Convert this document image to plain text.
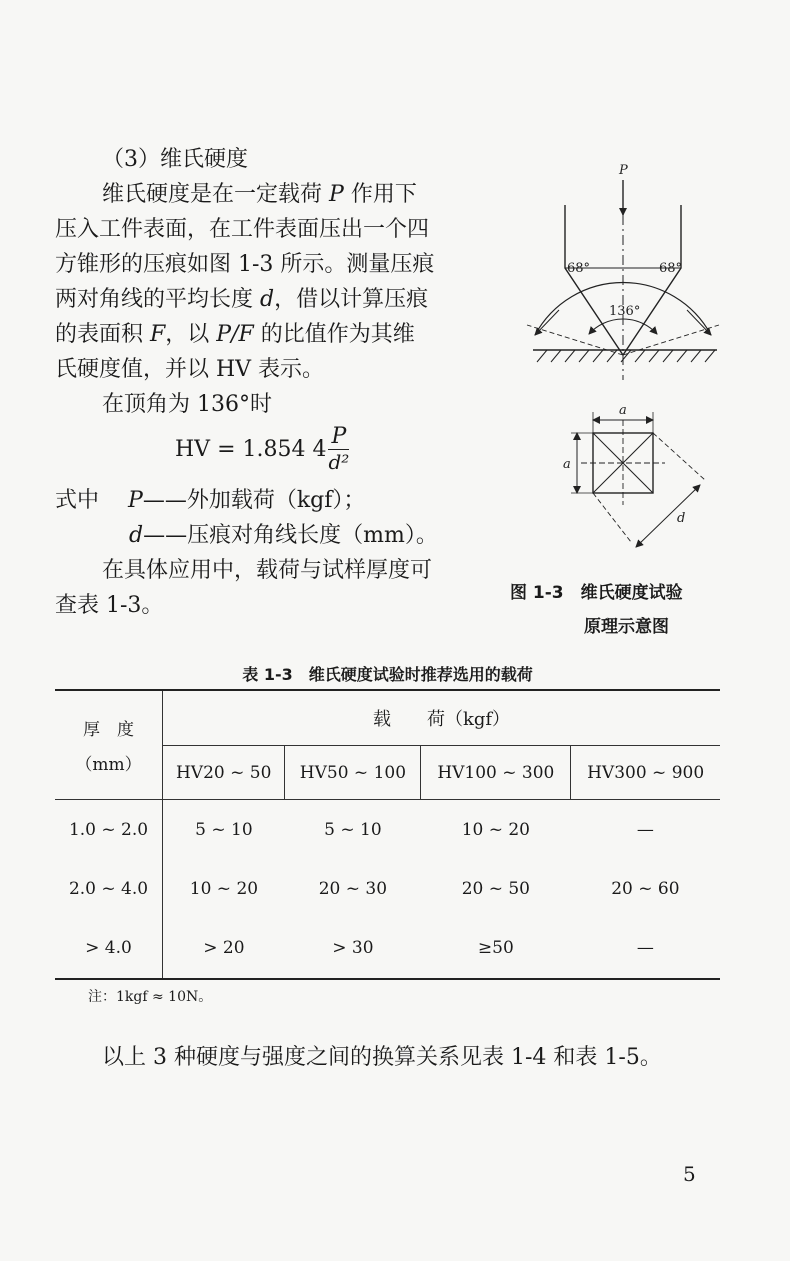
（3）维氏硬度
维氏硬度是在一定载荷 P 作用下
压入工件表面，在工件表面压出一个四
方锥形的压痕如图 1-3 所示。测量压痕
两对角线的平均长度 d，借以计算压痕
的表面积 F，以 P/F 的比值作为其维
氏硬度值，并以 HV 表示。
在顶角为 136°时
HV = 1.854 $4 \frac{P}{\text{d²}}$
式中　 P——外加载荷（kgf）；
d——压痕对角线长度（mm）。
在具体应用中，载荷与试样厚度可
查表 1-3。
P
68°	68°
136°
a
a
d
图 1-3　维氏硬度试验
原理示意图
表 1-3　维氏硬度试验时推荐选用的载荷
厚　度
（mm）	载　　荷（kgf）			
	HV20 ~ 50	HV50 ~ 100	HV100 ~ 300	HV300 ~ 900
1.0 ~ 2.0	5 ~ 10	5 ~ 10	10 ~ 20	—
2.0 ~ 4.0	10 ~ 20	20 ~ 30	20 ~ 50	20 ~ 60
> 4.0	> 20	> 30	≥50	—
注：1kgf ≈ 10N。
以上 3 种硬度与强度之间的换算关系见表 1-4 和表 1-5。
5
